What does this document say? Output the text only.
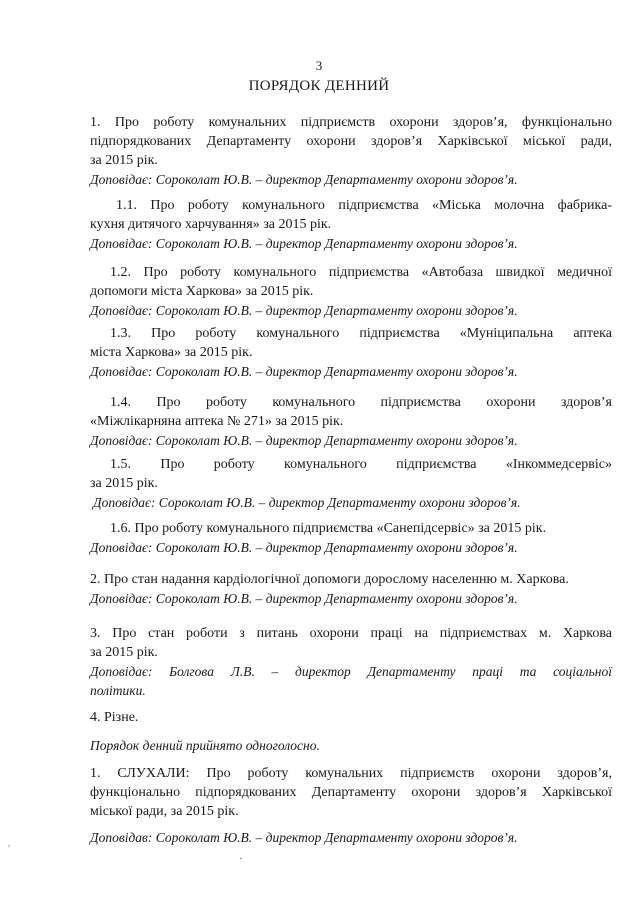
3
ПОРЯДОК ДЕННИЙ
1. Про роботу комунальних підприємств охорони здоров’я, функціонально
підпорядкованих Департаменту охорони здоров’я Харківської міської ради,
за 2015 рік.
Доповідає: Сороколат Ю.В. – директор Департаменту охорони здоров’я.
1.1. Про роботу комунального підприємства «Міська молочна фабрика-
кухня дитячого харчування» за 2015 рік.
Доповідає: Сороколат Ю.В. – директор Департаменту охорони здоров’я.
1.2. Про роботу комунального підприємства «Автобаза швидкої медичної
допомоги міста Харкова» за 2015 рік.
Доповідає: Сороколат Ю.В. – директор Департаменту охорони здоров’я.
1.3. Про роботу комунального підприємства «Муніципальна аптека
міста Харкова» за 2015 рік.
Доповідає: Сороколат Ю.В. – директор Департаменту охорони здоров’я.
1.4. Про роботу комунального підприємства охорони здоров’я
«Міжлікарняна аптека № 271» за 2015 рік.
Доповідає: Сороколат Ю.В. – директор Департаменту охорони здоров’я.
1.5. Про роботу комунального підприємства «Інкоммедсервіс»
за 2015 рік.
Доповідає: Сороколат Ю.В. – директор Департаменту охорони здоров’я.
1.6. Про роботу комунального підприємства «Санепідсервіс» за 2015 рік.
Доповідає: Сороколат Ю.В. – директор Департаменту охорони здоров’я.
2. Про стан надання кардіологічної допомоги дорослому населенню м. Харкова.
Доповідає: Сороколат Ю.В. – директор Департаменту охорони здоров’я.
3. Про стан роботи з питань охорони праці на підприємствах м. Харкова
за 2015 рік.
Доповідає: Болгова Л.В. – директор Департаменту праці та соціальної
політики.
4. Різне.
Порядок денний прийнято одноголосно.
1. СЛУХАЛИ: Про роботу комунальних підприємств охорони здоров’я,
функціонально підпорядкованих Департаменту охорони здоров’я Харківської
міської ради, за 2015 рік.
Доповідав: Сороколат Ю.В. – директор Департаменту охорони здоров’я.
,
